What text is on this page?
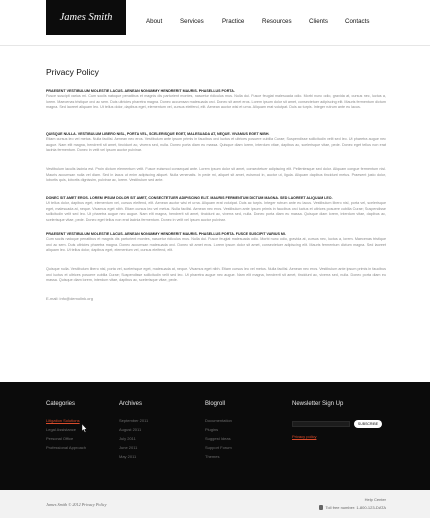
James Smith	About	Services	Practice	Resources	Clients	Contacts
Privacy Policy
PRAESENT VESTIBULUM MOLESTIE LACUS. AENEAN NONUMMY HENDRERIT MAURIS. PHASELLUS PORTA.
Fusce suscipit varius mi. Cum sociis natoque penatibus et magnis dis parturient montes, nascetur ridiculus mus. Nulla dui. Fusce feugiat malesuada odio. Morbi nunc odio, gravida at, cursus nec, luctus a, lorem. Maecenas tristique orci ac sem. Duis ultricies pharetra magna. Donec accumsan malesuada orci. Donec sit amet eros. Lorem ipsum dolor sit amet, consectetuer adipiscing elit. Mauris fermentum dictum magna. Sed laoreet aliquam leo. Ut tellus dolor, dapibus eget, elementum vel, cursus eleifend, elit. Aenean auctor wisi et urna. Aliquam erat volutpat. Duis ac turpis. Integer rutrum ante eu lacus.
QUISQUE NULLA. VESTIBULUM LIBERO NISL, PORTA VEL, SCELERISQUE EGET, MALESUADA AT, NEQUE. VIVAMUS EGET NIBH.
Etiam cursus leo vel metus. Nulla facilisi. Aenean nec eros. Vestibulum ante ipsum primis in faucibus orci luctus et ultrices posuere cubilia Curae; Suspendisse sollicitudin velit sed leo. Ut pharetra augue nec augue. Nam elit magna, hendrerit sit amet, tincidunt ac, viverra sed, nulla. Donec porta diam eu massa. Quisque diam lorem, interdum vitae, dapibus ac, scelerisque vitae, pede. Donec eget tellus non erat lacinia fermentum. Donec in velit vel ipsum auctor pulvinar.
Vestibulum iaculis lacinia est. Proin dictum elementum velit. Fusce euismod consequat ante. Lorem ipsum dolor sit amet, consectetuer adipiscing elit. Pellentesque sed dolor. Aliquam congue fermentum nisl. Mauris accumsan nulla vel diam. Sed in lacus ut enim adipiscing aliquet. Nulla venenatis. In pede mi, aliquet sit amet, euismod in, auctor ut, ligula. Aliquam dapibus tincidunt metus. Praesent justo dolor, lobortis quis, lobortis dignissim, pulvinar ac, lorem. Vestibulum sed ante.
DONEC SIT AMET EROS. LOREM IPSUM DOLOR SIT AMET, CONSECTETUER ADIPISCING ELIT. MAURIS FERMENTUM DICTUM MAGNA. SED LAOREET ALIQUAM LEO.
Ut tellus dolor, dapibus eget, elementum vel, cursus eleifend, elit. Aenean auctor wisi et urna. Aliquam erat volutpat. Duis ac turpis. Integer rutrum ante eu lacus. Vestibulum libero nisl, porta vel, scelerisque eget, malesuada at, neque. Vivamus eget nibh. Etiam cursus leo vel metus. Nulla facilisi. Aenean nec eros. Vestibulum ante ipsum primis in faucibus orci luctus et ultrices posuere cubilia Curae; Suspendisse sollicitudin velit sed leo. Ut pharetra augue nec augue. Nam elit magna, hendrerit sit amet, tincidunt ac, viverra sed, nulla. Donec porta diam eu massa. Quisque diam lorem, interdum vitae, dapibus ac, scelerisque vitae, pede. Donec eget tellus non erat lacinia fermentum. Donec in velit vel ipsum auctor pulvinar.
PRAESENT VESTIBULUM MOLESTIE LACUS. AENEAN NONUMMY HENDRERIT MAURIS. PHASELLUS PORTA. FUSCE SUSCIPIT VARIUS MI.
Cum sociis natoque penatibus et magnis dis parturient montes, nascetur ridiculus mus. Nulla dui. Fusce feugiat malesuada odio. Morbi nunc odio, gravida at, cursus nec, luctus a, lorem. Maecenas tristique orci ac sem. Duis ultricies pharetra magna. Donec accumsan malesuada orci. Donec sit amet eros. Lorem ipsum dolor sit amet, consectetuer adipiscing elit. Mauris fermentum dictum magna. Sed laoreet aliquam leo. Ut tellus dolor, dapibus eget, elementum vel, cursus eleifend, elit.
Quisque nulla. Vestibulum libero nisl, porta vel, scelerisque eget, malesuada at, neque. Vivamus eget nibh. Etiam cursus leo vel metus. Nulla facilisi. Aenean nec eros. Vestibulum ante ipsum primis in faucibus orci luctus et ultrices posuere cubilia Curae; Suspendisse sollicitudin velit sed leo. Ut pharetra augue nec augue. Nam elit magna, hendrerit sit amet, tincidunt ac, viverra sed, nulla. Donec porta diam eu massa. Quisque diam lorem, interdum vitae, dapibus ac, scelerisque vitae, pede.
E-mail: info@demolink.org
Categories
Litigation Solutions
Legal Assistance
Personal Office
Professional Approach
Archives
September 2011
August 2011
July 2011
June 2011
May 2011
Blogroll
Documentation
Plugins
Suggest Ideas
Support Forum
Themes
Newsletter Sign Up
SUBSCRIBE
Privacy policy
James Smith © 2012 Privacy Policy
Help Center
Toll free number: 1-800-123-DATA
